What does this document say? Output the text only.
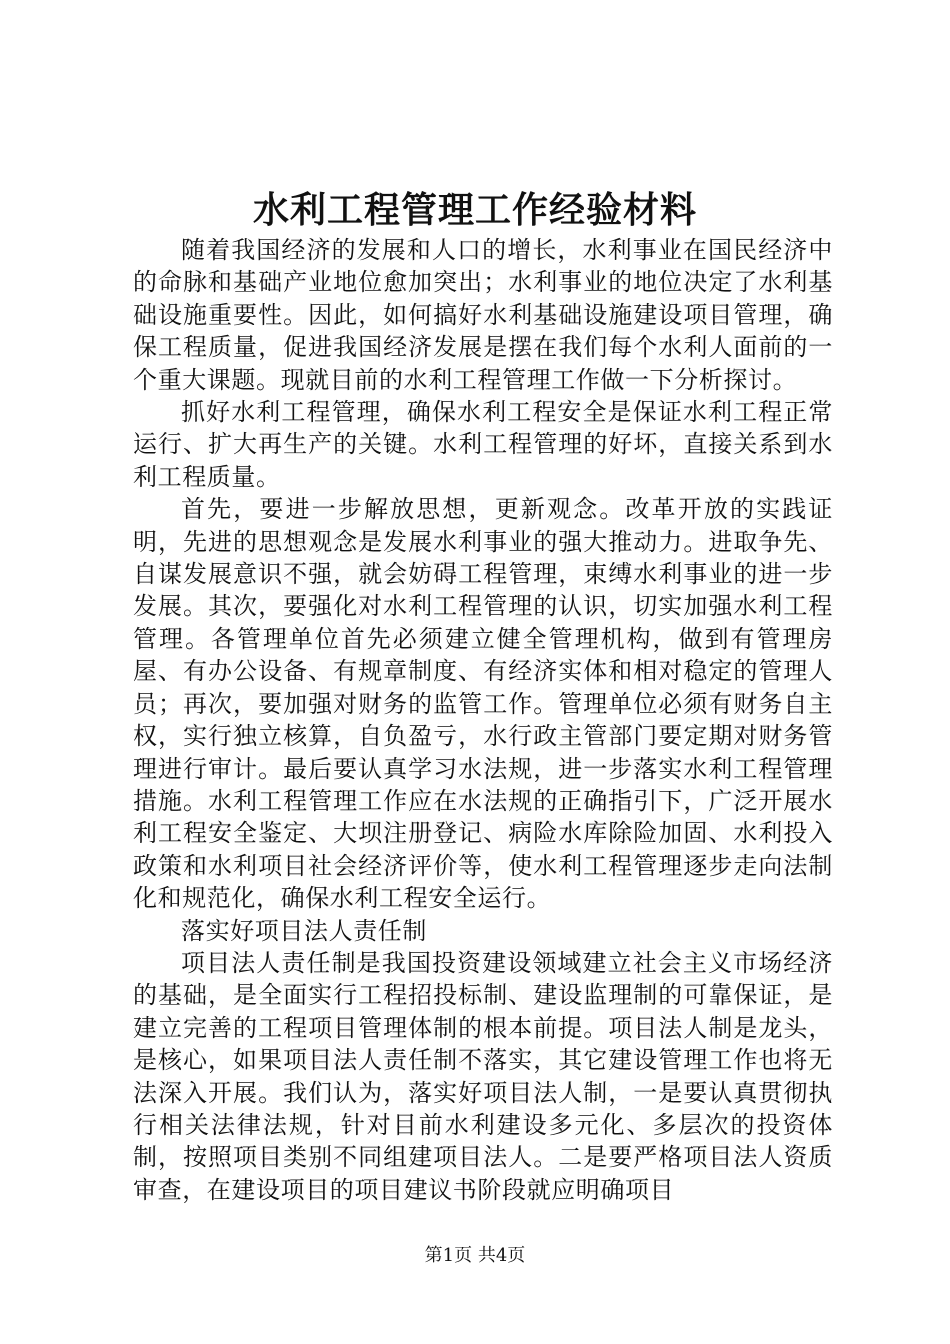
水利工程管理工作经验材料

随着我国经济的发展和人口的增长，水利事业在国民经济中的命脉和基础产业地位愈加突出；水利事业的地位决定了水利基础设施重要性。因此，如何搞好水利基础设施建设项目管理，确保工程质量，促进我国经济发展是摆在我们每个水利人面前的一个重大课题。现就目前的水利工程管理工作做一下分析探讨。

抓好水利工程管理，确保水利工程安全是保证水利工程正常运行、扩大再生产的关键。水利工程管理的好坏，直接关系到水利工程质量。

首先，要进一步解放思想，更新观念。改革开放的实践证明，先进的思想观念是发展水利事业的强大推动力。进取争先、自谋发展意识不强，就会妨碍工程管理，束缚水利事业的进一步发展。其次，要强化对水利工程管理的认识，切实加强水利工程管理。各管理单位首先必须建立健全管理机构，做到有管理房屋、有办公设备、有规章制度、有经济实体和相对稳定的管理人员；再次，要加强对财务的监管工作。管理单位必须有财务自主权，实行独立核算，自负盈亏，水行政主管部门要定期对财务管理进行审计。最后要认真学习水法规，进一步落实水利工程管理措施。水利工程管理工作应在水法规的正确指引下，广泛开展水利工程安全鉴定、大坝注册登记、病险水库除险加固、水利投入政策和水利项目社会经济评价等，使水利工程管理逐步走向法制化和规范化，确保水利工程安全运行。

落实好项目法人责任制

项目法人责任制是我国投资建设领域建立社会主义市场经济的基础，是全面实行工程招投标制、建设监理制的可靠保证，是建立完善的工程项目管理体制的根本前提。项目法人制是龙头，是核心，如果项目法人责任制不落实，其它建设管理工作也将无法深入开展。我们认为，落实好项目法人制，一是要认真贯彻执行相关法律法规，针对目前水利建设多元化、多层次的投资体制，按照项目类别不同组建项目法人。二是要严格项目法人资质审查，在建设项目的项目建议书阶段就应明确项目

第1页 共4页
